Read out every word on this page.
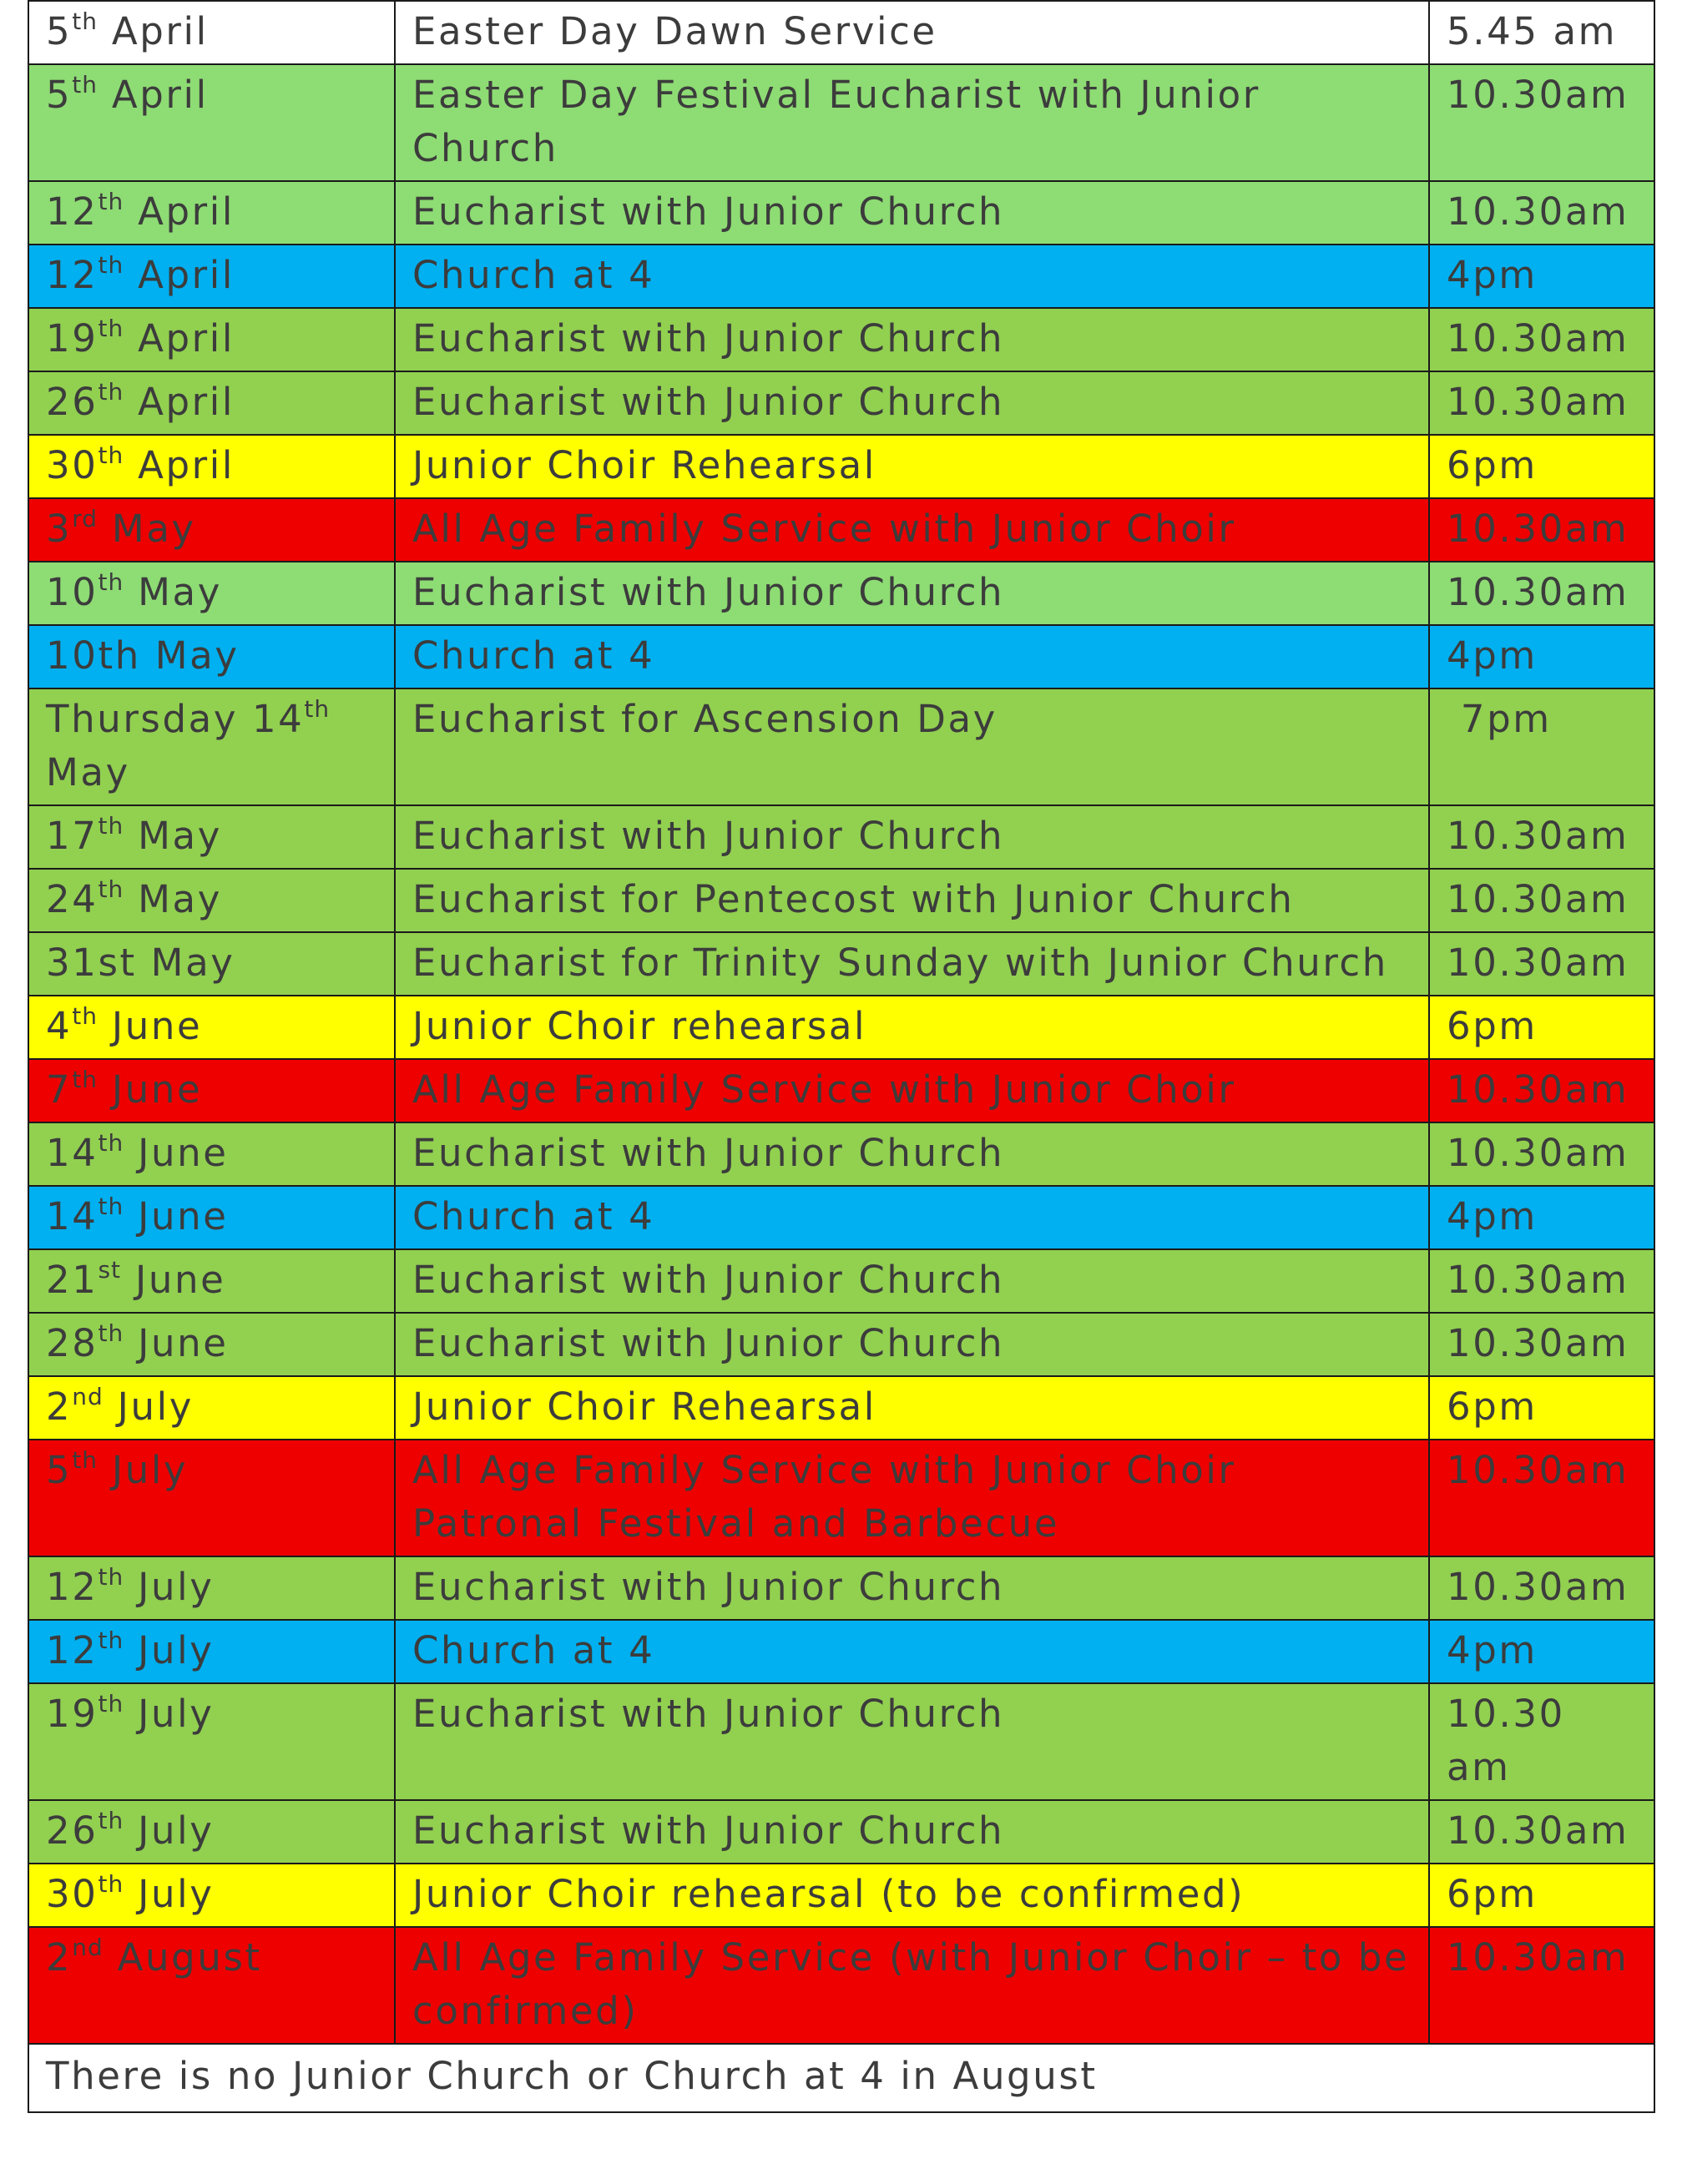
5th April	Easter Day Dawn Service	5.45 am
5th April	Easter Day Festival Eucharist with Junior Church	10.30am
12th April	Eucharist with Junior Church	10.30am
12th April	Church at 4	4pm
19th April	Eucharist with Junior Church	10.30am
26th April	Eucharist with Junior Church	10.30am
30th April	Junior Choir Rehearsal	6pm
3rd May	All Age Family Service with Junior Choir	10.30am
10th May	Eucharist with Junior Church	10.30am
10th May	Church at 4	4pm
Thursday 14th May	Eucharist for Ascension Day	7pm
17th May	Eucharist with Junior Church	10.30am
24th May	Eucharist for Pentecost with Junior Church	10.30am
31st May	Eucharist for Trinity Sunday with Junior Church	10.30am
4th June	Junior Choir rehearsal	6pm
7th June	All Age Family Service with Junior Choir	10.30am
14th June	Eucharist with Junior Church	10.30am
14th June	Church at 4	4pm
21st June	Eucharist with Junior Church	10.30am
28th June	Eucharist with Junior Church	10.30am
2nd July	Junior Choir Rehearsal	6pm
5th July	All Age Family Service with Junior Choir Patronal Festival and Barbecue	10.30am
12th July	Eucharist with Junior Church	10.30am
12th July	Church at 4	4pm
19th July	Eucharist with Junior Church	10.30 am
26th July	Eucharist with Junior Church	10.30am
30th July	Junior Choir rehearsal (to be confirmed)	6pm
2nd August	All Age Family Service (with Junior Choir – to be confirmed)	10.30am
There is no Junior Church or Church at 4 in August		
